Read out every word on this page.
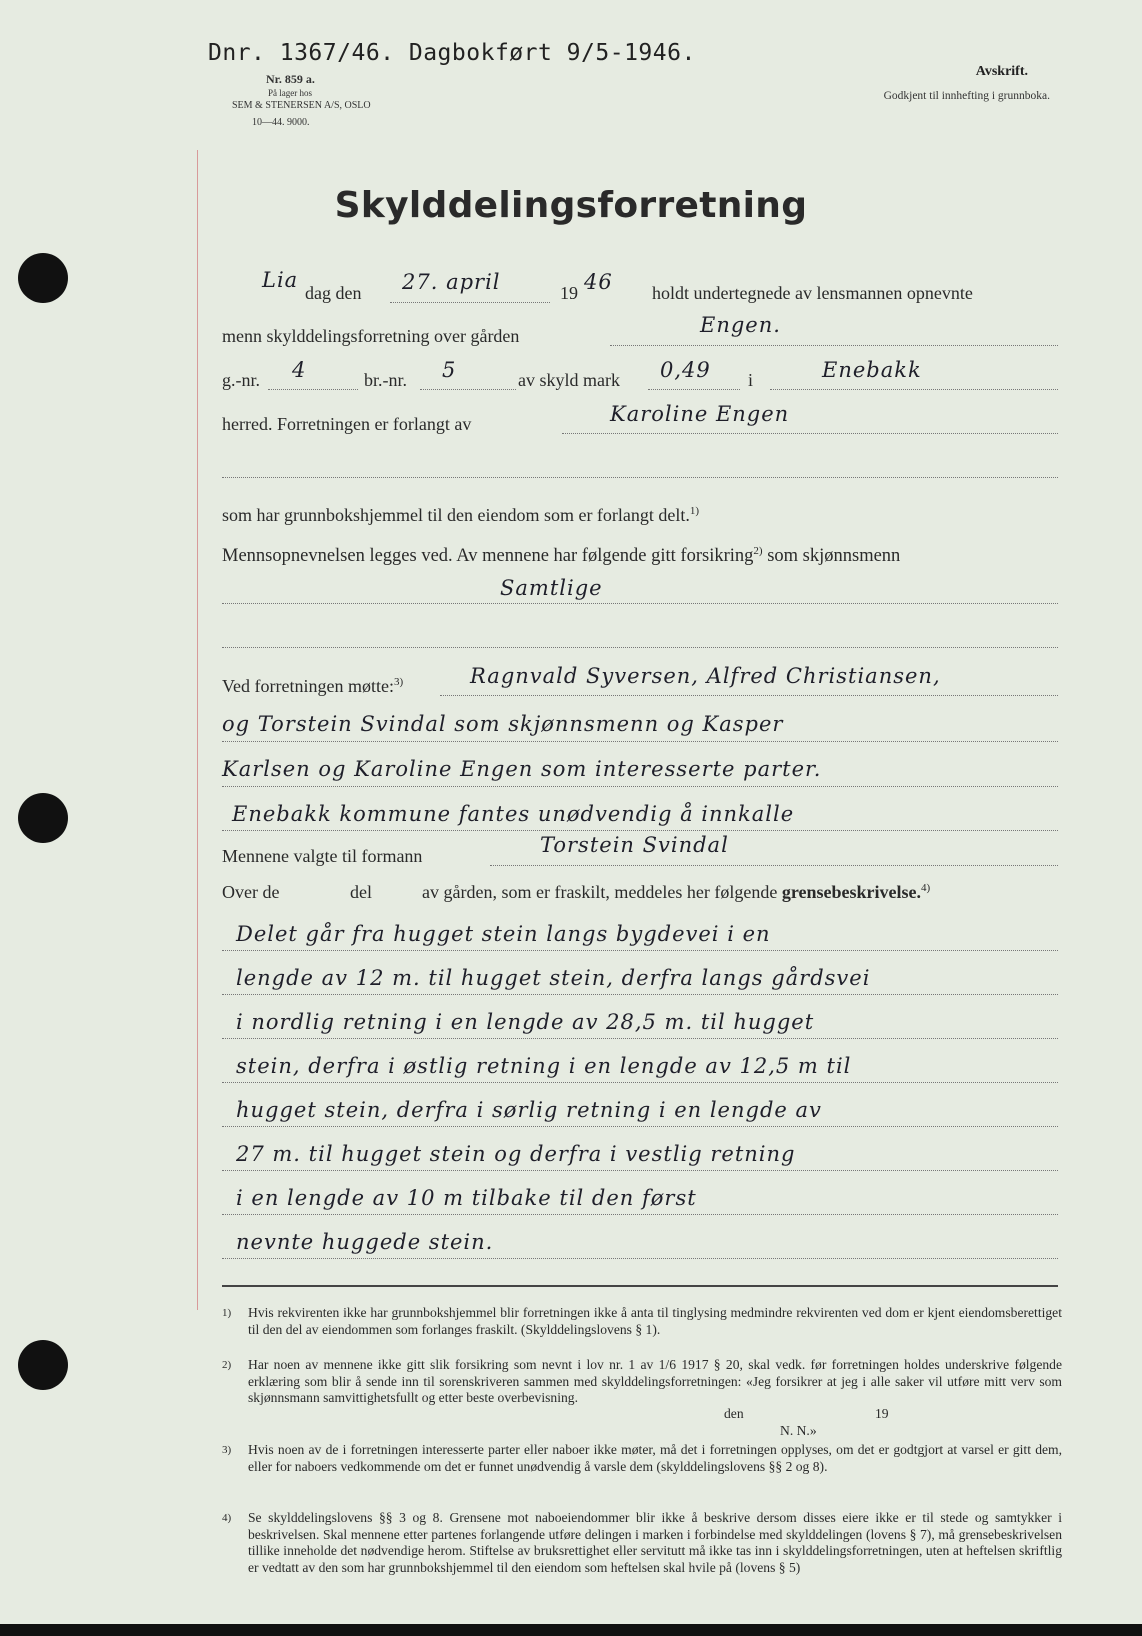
Dnr. 1367/46. Dagbokført 9/5-1946.
Nr. 859 a.
På lager hos
SEM & STENERSEN A/S, OSLO
10—44. 9000.
Avskrift.
Godkjent til innhefting i grunnboka.
Skylddelingsforretning
Lia
dag den 27. april	19 46 holdt undertegnede av lensmannen opnevnte
menn skylddelingsforretning over gården	Engen.
g.-nr. 4	br.-nr. 5	av skyld mark 0,49 i	Enebakk
herred. Forretningen er forlangt av	Karoline Engen
som har grunnbokshjemmel til den eiendom som er forlangt delt.$^{1)}$
Mennsopnevnelsen legges ved. Av mennene har følgende gitt forsikring$^{2)}$ som skjønnsmenn
Samtlige
Ved forretningen møtte:$^{3)}$	Ragnvald Syversen, Alfred Christiansen,
og Torstein Svindal som skjønnsmenn og Kasper
Karlsen og Karoline Engen som interesserte parter.
Enebakk kommune fantes unødvendig å innkalle
Mennene valgte til formann	Torstein Svindal
Over de	del	av gården, som er fraskilt, meddeles her følgende grensebeskrivelse.$^{4)}$
Delet går fra hugget stein langs bygdevei i en
lengde av 12 m. til hugget stein, derfra langs gårdsvei
i nordlig retning i en lengde av 28,5 m. til hugget
stein, derfra i østlig retning i en lengde av 12,5 m til
hugget stein, derfra i sørlig retning i en lengde av
27 m. til hugget stein og derfra i vestlig retning
i en lengde av 10 m tilbake til den først
nevnte huggede stein.
1) Hvis rekvirenten ikke har grunnbokshjemmel blir forretningen ikke å anta til tinglysing medmindre rekvirenten ved dom er kjent eiendomsberettiget til den del av eiendommen som forlanges fraskilt. (Skylddelingslovens § 1).
2) Har noen av mennene ikke gitt slik forsikring som nevnt i lov nr. 1 av 1/6 1917 § 20, skal vedk. før forretningen holdes underskrive følgende erklæring som blir å sende inn til sorenskriveren sammen med skylddelingsforretningen: «Jeg forsikrer at jeg i alle saker vil utføre mitt verv som skjønnsmann samvittighetsfullt og etter beste overbevisning.
den	19
N. N.»
3) Hvis noen av de i forretningen interesserte parter eller naboer ikke møter, må det i forretningen opplyses, om det er godtgjort at varsel er gitt dem, eller for naboers vedkommende om det er funnet unødvendig å varsle dem (skylddelingslovens §§ 2 og 8).
4) Se skylddelingslovens §§ 3 og 8. Grensene mot naboeiendommer blir ikke å beskrive dersom disses eiere ikke er til stede og samtykker i beskrivelsen. Skal mennene etter partenes forlangende utføre delingen i marken i forbindelse med skylddelingen (lovens § 7), må grensebeskrivelsen tillike inneholde det nødvendige herom. Stiftelse av bruksrettighet eller servitutt må ikke tas inn i skylddelingsforretningen, uten at heftelsen skriftlig er vedtatt av den som har grunnbokshjemmel til den eiendom som heftelsen skal hvile på (lovens § 5)
